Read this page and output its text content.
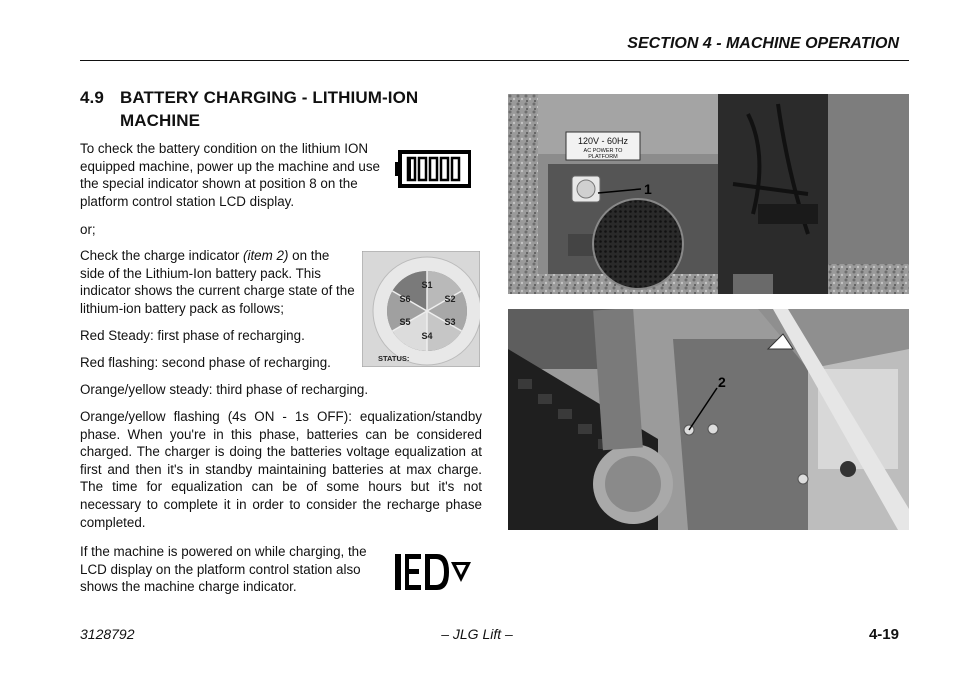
SECTION 4 - MACHINE OPERATION
4.9 BATTERY CHARGING - LITHIUM-ION
MACHINE
To check the battery condition on the lithium ION equipped machine, power up the machine and use the special indicator shown at position 8 on the platform control station LCD display.
or;
Check the charge indicator (item 2) on the side of the Lithium-Ion battery pack. This indicator shows the current charge state of the lithium-ion battery pack as follows;
S1
S2
S3
S4
S5
S6
STATUS:
Red Steady: first phase of recharging.
Red flashing: second phase of recharging.
Orange/yellow steady: third phase of recharging.
Orange/yellow flashing (4s ON - 1s OFF): equalization/standby phase. When you're in this phase, batteries can be considered charged. The charger is doing the batteries voltage equalization at first and then it's in standby maintaining batteries at max charge. The time for equalization can be of some hours but it's not necessary to complete it in order to consider the recharge phase completed.
If the machine is powered on while charging, the LCD display on the platform control station also shows the machine charge indicator.
120V - 60Hz
AC POWER TO
PLATFORM
1
2
3128792	– JLG Lift –	4-19
